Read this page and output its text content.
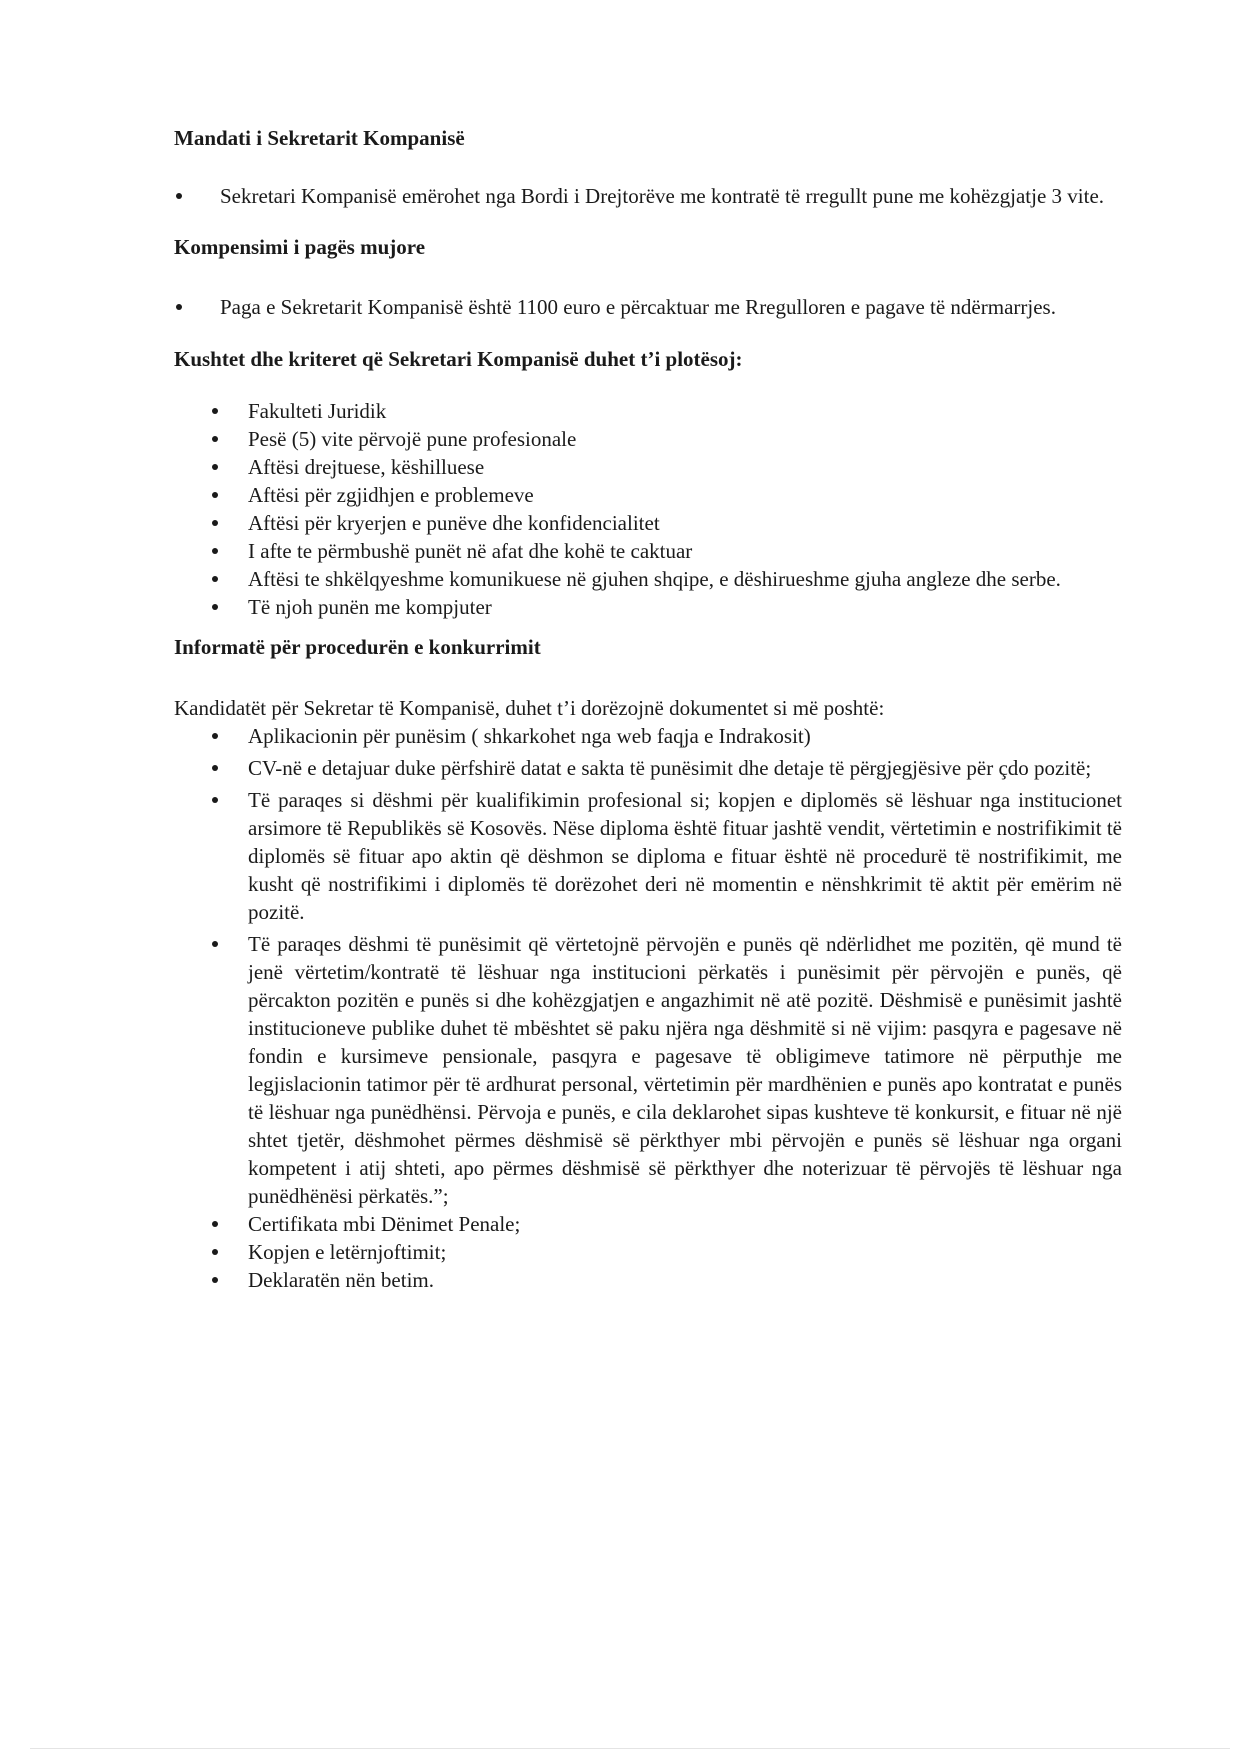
Mandati i Sekretarit Kompanisë

Sekretari Kompanisë emërohet nga Bordi i Drejtorëve me kontratë të rregullt pune me kohëzgjatje 3 vite.

Kompensimi i pagës mujore

Paga e Sekretarit Kompanisë është 1100 euro e përcaktuar me Rregulloren e pagave të ndërmarrjes.

Kushtet dhe kriteret që Sekretari Kompanisë duhet t’i plotësoj:

Fakulteti Juridik
Pesë (5) vite përvojë pune profesionale
Aftësi drejtuese, këshilluese
Aftësi për zgjidhjen e problemeve
Aftësi për kryerjen e punëve dhe konfidencialitet
I afte te përmbushë punët në afat dhe kohë te caktuar
Aftësi te shkëlqyeshme komunikuese në gjuhen shqipe, e dëshirueshme gjuha angleze dhe serbe.
Të njoh punën me kompjuter

Informatë për procedurën e konkurrimit

Kandidatët për Sekretar të Kompanisë, duhet t’i dorëzojnë dokumentet si më poshtë:

Aplikacionin për punësim ( shkarkohet nga web faqja e Indrakosit)
CV-në e detajuar duke përfshirë datat e sakta të punësimit dhe detaje të përgjegjësive për çdo pozitë;
Të paraqes si dëshmi për kualifikimin profesional si; kopjen e diplomës së lëshuar nga institucionet arsimore të Republikës së Kosovës. Nëse diploma është fituar jashtë vendit, vërtetimin e nostrifikimit të diplomës së fituar apo aktin që dëshmon se diploma e fituar është në procedurë të nostrifikimit, me kusht që nostrifikimi i diplomës të dorëzohet deri në momentin e nënshkrimit të aktit për emërim në pozitë.
Të paraqes dëshmi të punësimit që vërtetojnë përvojën e punës që ndërlidhet me pozitën, që mund të jenë vërtetim/kontratë të lëshuar nga institucioni përkatës i punësimit për përvojën e punës, që përcakton pozitën e punës si dhe kohëzgjatjen e angazhimit në atë pozitë. Dëshmisë e punësimit jashtë institucioneve publike duhet të mbështet së paku njëra nga dëshmitë si në vijim: pasqyra e pagesave në fondin e kursimeve pensionale, pasqyra e pagesave të obligimeve tatimore në përputhje me legjislacionin tatimor për të ardhurat personal, vërtetimin për mardhënien e punës apo kontratat e punës të lëshuar nga punëdhënsi. Përvoja e punës, e cila deklarohet sipas kushteve të konkursit, e fituar në një shtet tjetër, dëshmohet përmes dëshmisë së përkthyer mbi përvojën e punës së lëshuar nga organi kompetent i atij shteti, apo përmes dëshmisë së përkthyer dhe noterizuar të përvojës të lëshuar nga punëdhënësi përkatës.”;
Certifikata mbi Dënimet Penale;
Kopjen e letërnjoftimit;
Deklaratën nën betim.
